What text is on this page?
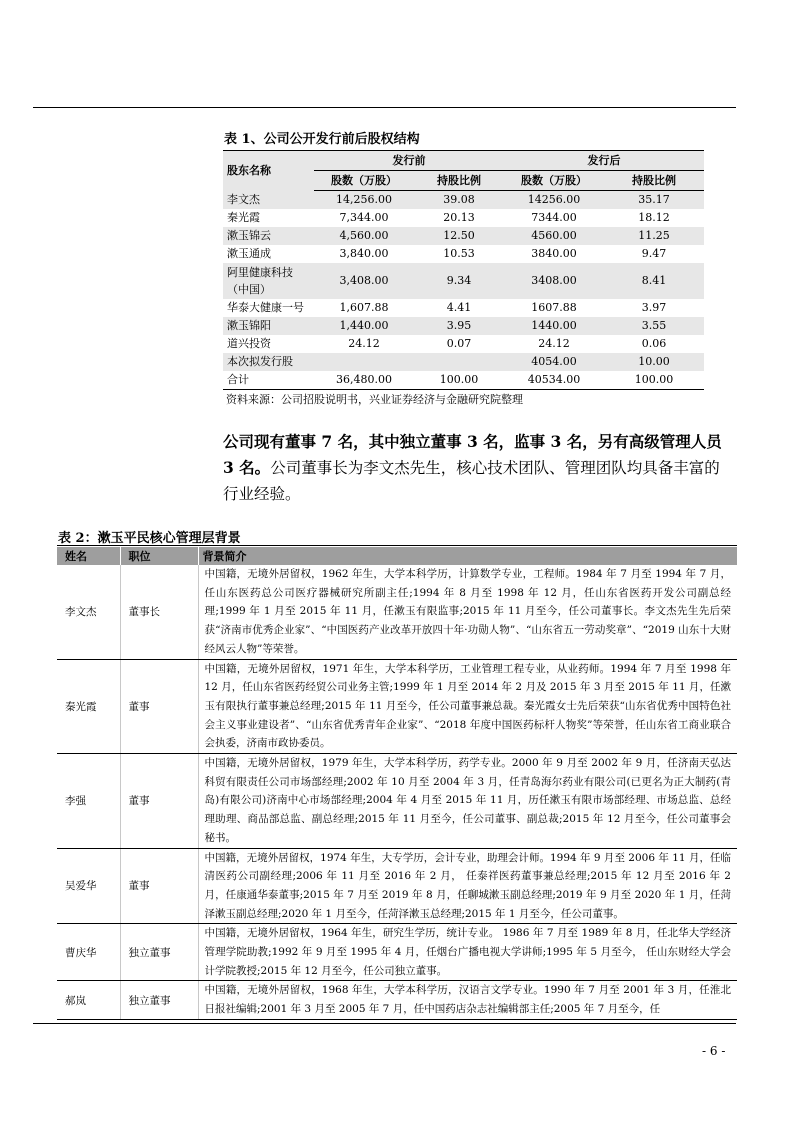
表 1、公司公开发行前后股权结构
股东名称	发行前		发行后	
	股数（万股）	持股比例	股数（万股）	持股比例
李文杰	14,256.00	39.08	14256.00	35.17
秦光霞	7,344.00	20.13	7344.00	18.12
漱玉锦云	4,560.00	12.50	4560.00	11.25
漱玉通成	3,840.00	10.53	3840.00	9.47
阿里健康科技（中国）	3,408.00	9.34	3408.00	8.41
华泰大健康一号	1,607.88	4.41	1607.88	3.97
漱玉锦阳	1,440.00	3.95	1440.00	3.55
道兴投资	24.12	0.07	24.12	0.06
本次拟发行股			4054.00	10.00
合计	36,480.00	100.00	40534.00	100.00
资料来源：公司招股说明书，兴业证券经济与金融研究院整理
公司现有董事 7 名，其中独立董事 3 名，监事 3 名，另有高级管理人员 3 名。公司董事长为李文杰先生，核心技术团队、管理团队均具备丰富的行业经验。
表 2：漱玉平民核心管理层背景
姓名	职位	背景简介
李文杰	董事长	中国籍，无境外居留权，1962 年生，大学本科学历，计算数学专业，工程师。1984 年 7 月至 1994 年 7 月，任山东医药总公司医疗器械研究所副主任;1994 年 8 月至 1998 年 12 月，任山东省医药开发公司副总经理;1999 年 1 月至 2015 年 11 月，任漱玉有限监事;2015 年 11 月至今，任公司董事长。李文杰先生先后荣获“济南市优秀企业家”、“中国医药产业改革开放四十年·功勋人物”、“山东省五一劳动奖章”、“2019 山东十大财经风云人物”等荣誉。
秦光霞	董事	中国籍，无境外居留权，1971 年生，大学本科学历，工业管理工程专业，从业药师。1994 年 7 月至 1998 年 12 月，任山东省医药经贸公司业务主管;1999 年 1 月至 2014 年 2 月及 2015 年 3 月至 2015 年 11 月，任漱玉有限执行董事兼总经理;2015 年 11 月至今，任公司董事兼总裁。秦光霞女士先后荣获“山东省优秀中国特色社会主义事业建设者”、“山东省优秀青年企业家”、“2018 年度中国医药标杆人物奖”等荣誉，任山东省工商业联合会执委，济南市政协委员。
李强	董事	中国籍，无境外居留权，1979 年生，大学本科学历，药学专业。2000 年 9 月至 2002 年 9 月，任济南天弘达科贸有限责任公司市场部经理;2002 年 10 月至 2004 年 3 月，任青岛海尔药业有限公司(已更名为正大制药(青岛)有限公司)济南中心市场部经理;2004 年 4 月至 2015 年 11 月，历任漱玉有限市场部经理、市场总监、总经理助理、商品部总监、副总经理;2015 年 11 月至今，任公司董事、副总裁;2015 年 12 月至今，任公司董事会秘书。
吴爱华	董事	中国籍，无境外居留权，1974 年生，大专学历，会计专业，助理会计师。1994 年 9 月至 2006 年 11 月，任临清医药公司副经理;2006 年 11 月至 2016 年 2 月， 任泰祥医药董事兼总经理;2015 年 12 月至 2016 年 2 月，任康通华泰董事;2015 年 7 月至 2019 年 8 月，任聊城漱玉副总经理;2019 年 9 月至 2020 年 1 月，任菏泽漱玉副总经理;2020 年 1 月至今，任菏泽漱玉总经理;2015 年 1 月至今，任公司董事。
曹庆华	独立董事	中国籍，无境外居留权，1964 年生，研究生学历，统计专业。 1986 年 7 月至 1989 年 8 月，任北华大学经济管理学院助教;1992 年 9 月至 1995 年 4 月，任烟台广播电视大学讲师;1995 年 5 月至今， 任山东财经大学会计学院教授;2015 年 12 月至今，任公司独立董事。
郝岚	独立董事	中国籍，无境外居留权，1968 年生，大学本科学历，汉语言文学专业。1990 年 7 月至 2001 年 3 月，任淮北日报社编辑;2001 年 3 月至 2005 年 7 月，任中国药店杂志社编辑部主任;2005 年 7 月至今，任
- 6 -
